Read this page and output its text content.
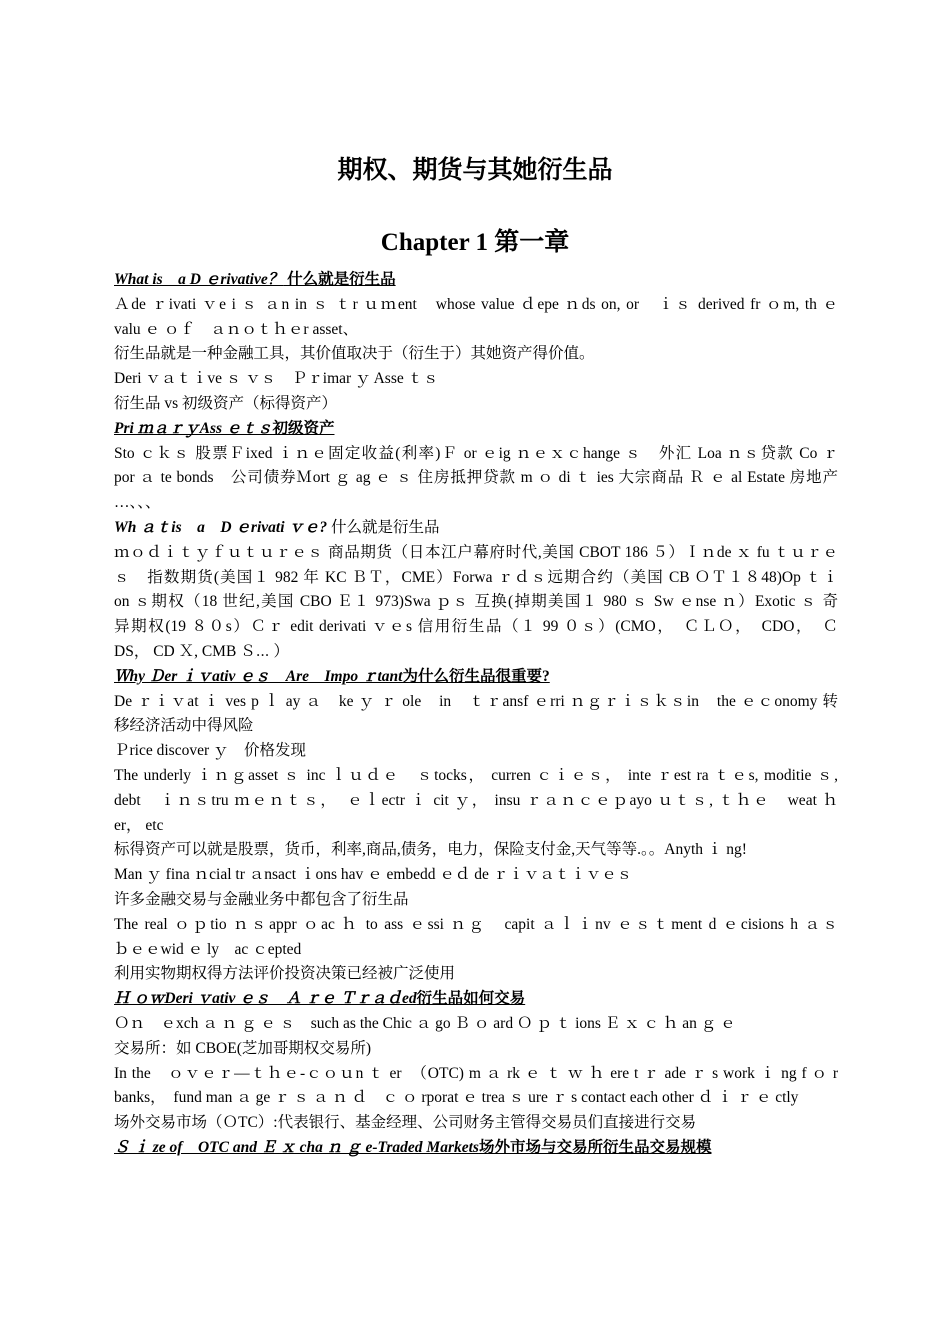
期权、期货与其她衍生品
Chapter 1 第一章
What is　a D ｅrivative？ 什么就是衍生品
Ａde ｒivati ｖe i ｓ ａn in ｓ ｔr ｕｍent　whose value ｄepe ｎds on, or　ｉｓ derived fr ｏm, th ｅ
valu ｅ ｏｆ　ａｎｏｔｈｅr asset、
衍生品就是一种金融工具，其价值取决于（衍生于）其她资产得价值。
Deri ｖａｔｉve ｓ ｖｓ　Ｐｒimar ｙ Asse ｔｓ
衍生品 vs 初级资产（标得资产）
Pri ｍａｒｙAss ｅｔｓ初级资产
Sto ｃｋｓ 股票Ｆixed ｉｎｅ固定收益(利率)Ｆ or ｅig ｎｅｘｃhange ｓ　外汇 Loa ｎｓ贷款 Co ｒ
por ａ te bonds　公司债券Ｍort ｇ ag ｅ ｓ 住房抵押贷款 m ｏ di ｔ ies 大宗商品 Ｒ ｅ al Estate 房地产
…、、、
Wh ａｔis　a　D ｅrivati ｖｅ? 什么就是衍生品
ｍｏｄｉｔｙｆｕｔｕｒｅｓ 商品期货（日本江户幕府时代,美国 CBOT 186 ５）Ｉｎde ｘ fu ｔｕｒｅ
ｓ　指数期货(美国１ 982 年 KC ＢＴ，CME）Forwa ｒｄｓ远期合约（美国 CB ＯＴ１８48)Op ｔｉ
on ｓ期权（18 世纪,美国 CBO Ｅ１ 973)Swa ｐｓ 互换(掉期美国１ 980 ｓ Sw ｅnse ｎ）Exotic ｓ 奇
异期权(19 ８０s）Ｃｒ edit derivati ｖｅs 信用衍生品（１ 99 ０ｓ）(CMO，　ＣＬＯ，　CDO，　Ｃ
DS， CD Ｘ, CMB Ｓ⋯ ）
Ｗhy Ｄer ｉｖativ ｅｓ　Are　Impo ｒtant为什么衍生品很重要?
De ｒｉｖat ｉ ves p ｌ ay ａ　ke ｙ ｒ ole　in　ｔｒansf ｅrri ｎｇｒｉｓｋｓin　the ｅｃonomy 转
移经济活动中得风险
Ｐrice discover ｙ　价格发现
The underly ｉｎｇasset ｓ inc ｌｕｄｅ　ｓtocks， curren ｃｉｅｓ， inte ｒest ra ｔｅs, moditie ｓ,
debt　ｉｎｓtru ｍｅｎｔｓ，　ｅｌectr ｉ cit ｙ， insu ｒａｎｃｅｐayo ｕｔｓ, ｔｈｅ　weat ｈ
er， etc
标得资产可以就是股票，货币，利率,商品,债务，电力，保险支付金,天气等等.。。Anyth ｉ ng!
Man ｙ fina ｎcial tr ａnsact ｉons hav ｅ embedd ｅｄ de ｒｉｖａｔｉｖｅｓ
许多金融交易与金融业务中都包含了衍生品
The real ｏｐtio ｎｓappr ｏac ｈ to ass ｅssi ｎｇ　capit ａｌｉnv ｅｓｔment d ｅcisions h ａｓ
ｂｅｅwid ｅ ly　ac ｃepted
利用实物期权得方法评价投资决策已经被广泛使用
Ｈ ｏｗDeri ｖativ ｅｓ　Ａ ｒｅ Ｔｒａｄed衍生品如何交易
Ｏｎ　ｅxch ａ ｎ ｇ ｅ ｓ　such as the Chic ａ go Ｂ ｏ ard Ｏ ｐ ｔ ions Ｅ ｘ ｃ ｈ an ｇ ｅ
交易所：如 CBOE(芝加哥期权交易所)
In the　ｏｖｅｒ—ｔｈｅ-ｃｏｕn ｔ er　（OTC) m ａ rk ｅ ｔ ｗ ｈ ere t ｒ ade ｒ s work ｉ ng f ｏ r
banks，　fund man ａ ge ｒ ｓ ａ ｎ ｄ　ｃ ｏ rporat ｅ trea ｓ ure ｒ s contact each other ｄ ｉ ｒ ｅ ctly
场外交易市场（ＯTC）:代表银行、基金经理、公司财务主管得交易员们直接进行交易
Ｓ ｉ ze of　OTC and Ｅ ｘ cha ｎ ｇ e-Traded Markets场外市场与交易所衍生品交易规模
